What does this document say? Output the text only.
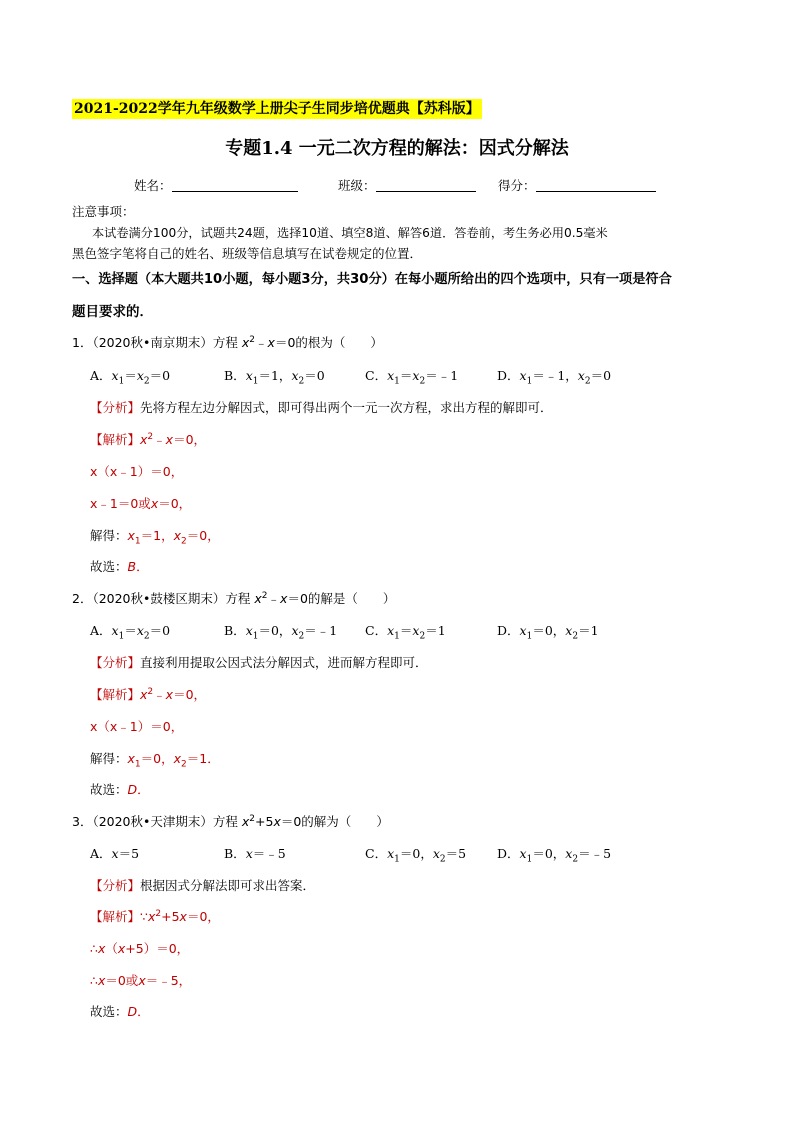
2021-2022学年九年级数学上册尖子生同步培优题典【苏科版】
专题1.4 一元二次方程的解法：因式分解法
姓名：	班级：	得分：
注意事项：
本试卷满分100分，试题共24题，选择10道、填空8道、解答6道．答卷前，考生务必用0.5毫米
黑色签字笔将自己的姓名、班级等信息填写在试卷规定的位置．
一、选择题（本大题共10小题，每小题3分，共30分）在每小题所给出的四个选项中，只有一项是符合
题目要求的．
1．（2020秋•南京期末）方程 $x^2﹣x=0$的根为（　　）
A．$x_1=x_2=0$	B．$x_1=1$，$x_2=0$	C．$x_1=x_2=﹣1$	D．$x_1=﹣1$，$x_2=0$
【分析】先将方程左边分解因式，即可得出两个一元一次方程，求出方程的解即可．
【解析】$x^2﹣x=0$，
x（x﹣1）＝0，
x﹣1＝0或x＝0，
解得：$x_1=1$，$x_2=0$，
故选：B．
2．（2020秋•鼓楼区期末）方程 $x^2﹣x=0$的解是（　　）
A．$x_1=x_2=0$	B．$x_1=0$，$x_2=﹣1$ C．$x_1=x_2=1$	D．$x_1=0$，$x_2=1$
【分析】直接利用提取公因式法分解因式，进而解方程即可．
【解析】$x^2﹣x=0$，
x（x﹣1）＝0，
解得：$x_1=0$，$x_2=1$．
故选：D．
3．（2020秋•天津期末）方程 $x^2+5x=0$的解为（　　）
A．x＝5	B．x＝﹣5	C．$x_1=0$，$x_2=5$ D．$x_1=0$，$x_2=﹣5$
【分析】根据因式分解法即可求出答案．
【解析】$\because x^2+5x=0$，
∴x（x+5）＝0，
∴x＝0或x＝﹣5，
故选：D．
